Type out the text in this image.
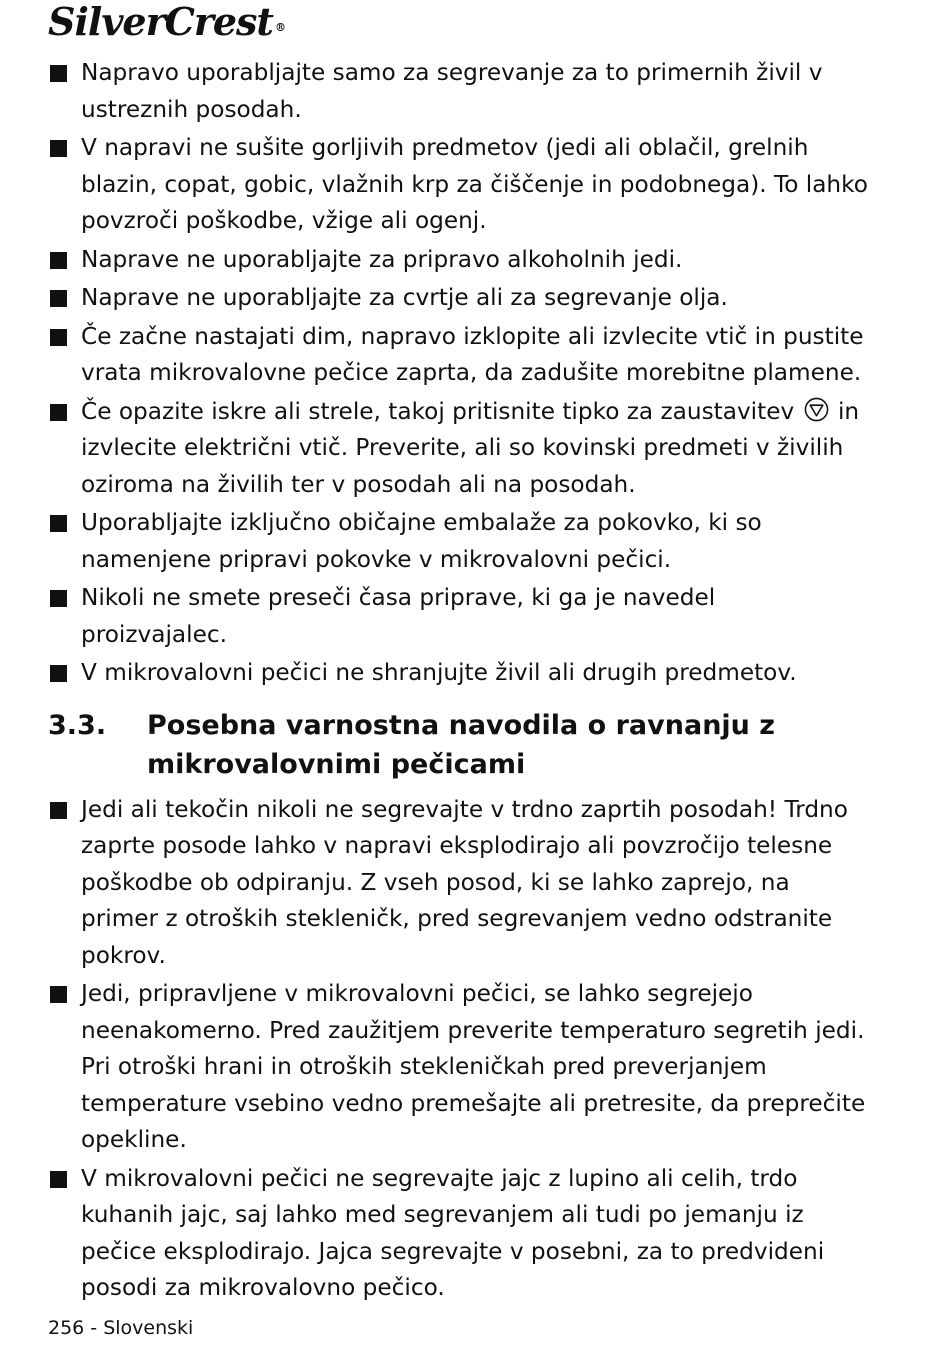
SilverCrest ®
Napravo uporabljajte samo za segrevanje za to primernih živil v ustreznih posodah.
V napravi ne sušite gorljivih predmetov (jedi ali oblačil, grelnih blazin, copat, gobic, vlažnih krp za čiščenje in podobnega). To lahko povzroči poškodbe, vžige ali ogenj.
Naprave ne uporabljajte za pripravo alkoholnih jedi.
Naprave ne uporabljajte za cvrtje ali za segrevanje olja.
Če začne nastajati dim, napravo izklopite ali izvlecite vtič in pustite vrata mikrovalovne pečice zaprta, da zadušite morebitne plamene.
Če opazite iskre ali strele, takoj pritisnite tipko za zaustavitev in izvlecite električni vtič. Preverite, ali so kovinski predmeti v živilih oziroma na živilih ter v posodah ali na posodah.
Uporabljajte izključno običajne embalaže za pokovko, ki so namenjene pripravi pokovke v mikrovalovni pečici.
Nikoli ne smete preseči časa priprave, ki ga je navedel proizvajalec.
V mikrovalovni pečici ne shranjujte živil ali drugih predmetov.
3.3.	Posebna varnostna navodila o ravnanju z mikrovalovnimi pečicami
Jedi ali tekočin nikoli ne segrevajte v trdno zaprtih posodah! Trdno zaprte posode lahko v napravi eksplodirajo ali povzročijo telesne poškodbe ob odpiranju. Z vseh posod, ki se lahko zaprejo, na primer z otroških stekleničk, pred segrevanjem vedno odstranite pokrov.
Jedi, pripravljene v mikrovalovni pečici, se lahko segrejejo neenakomerno. Pred zaužitjem preverite temperaturo segretih jedi. Pri otroški hrani in otroških stekleničkah pred preverjanjem temperature vsebino vedno premešajte ali pretresite, da preprečite opekline.
V mikrovalovni pečici ne segrevajte jajc z lupino ali celih, trdo kuhanih jajc, saj lahko med segrevanjem ali tudi po jemanju iz pečice eksplodirajo. Jajca segrevajte v posebni, za to predvideni posodi za mikrovalovno pečico.
256 - Slovenski
